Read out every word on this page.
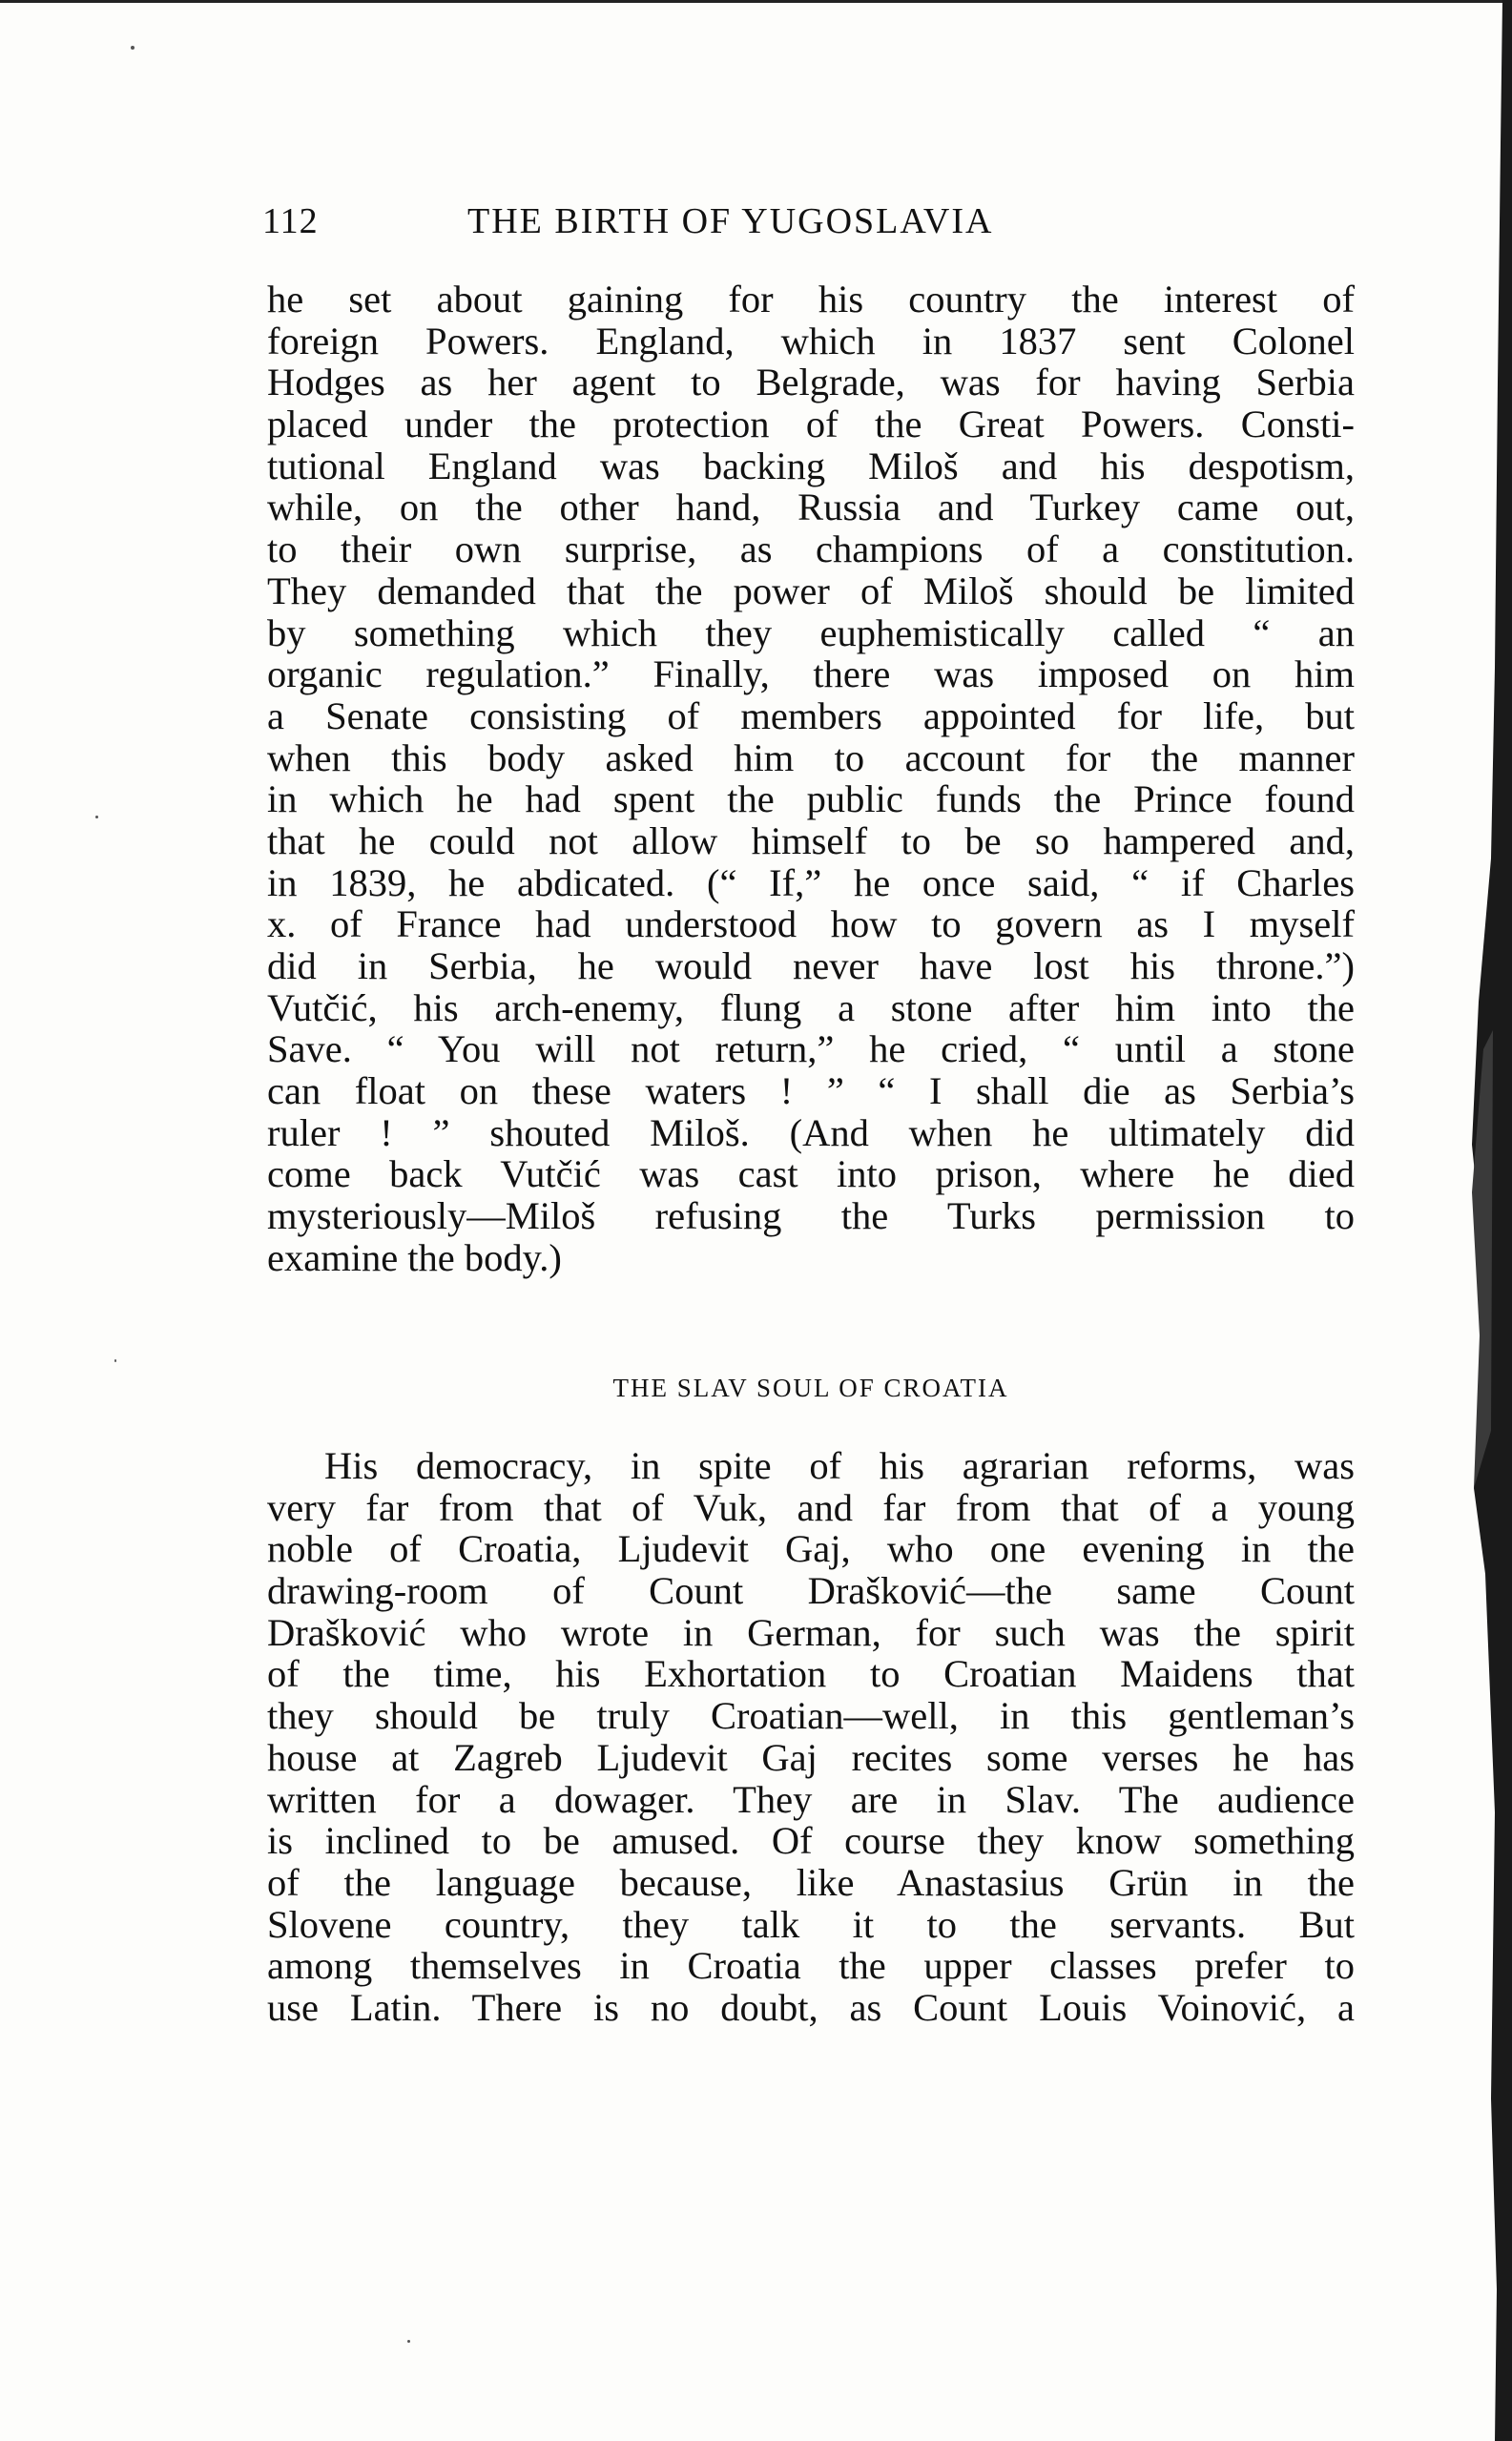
112	THE BIRTH OF YUGOSLAVIA
he set about gaining for his country the interest of
foreign Powers. England, which in 1837 sent Colonel
Hodges as her agent to Belgrade, was for having Serbia
placed under the protection of the Great Powers. Consti-
tutional England was backing Miloš and his despotism,
while, on the other hand, Russia and Turkey came out,
to their own surprise, as champions of a constitution.
They demanded that the power of Miloš should be limited
by something which they euphemistically called “ an
organic regulation.” Finally, there was imposed on him
a Senate consisting of members appointed for life, but
when this body asked him to account for the manner
in which he had spent the public funds the Prince found
that he could not allow himself to be so hampered and,
in 1839, he abdicated. (“ If,” he once said, “ if Charles
x. of France had understood how to govern as I myself
did in Serbia, he would never have lost his throne.”)
Vutčić, his arch-enemy, flung a stone after him into the
Save. “ You will not return,” he cried, “ until a stone
can float on these waters ! ” “ I shall die as Serbia’s
ruler ! ” shouted Miloš. (And when he ultimately did
come back Vutčić was cast into prison, where he died
mysteriously—Miloš refusing the Turks permission to
examine the body.)
THE SLAV SOUL OF CROATIA
His democracy, in spite of his agrarian reforms, was
very far from that of Vuk, and far from that of a young
noble of Croatia, Ljudevit Gaj, who one evening in the
drawing-room of Count Drašković—the same Count
Drašković who wrote in German, for such was the spirit
of the time, his Exhortation to Croatian Maidens that
they should be truly Croatian—well, in this gentleman’s
house at Zagreb Ljudevit Gaj recites some verses he has
written for a dowager. They are in Slav. The audience
is inclined to be amused. Of course they know something
of the language because, like Anastasius Grün in the
Slovene country, they talk it to the servants. But
among themselves in Croatia the upper classes prefer to
use Latin. There is no doubt, as Count Louis Voinović, a
